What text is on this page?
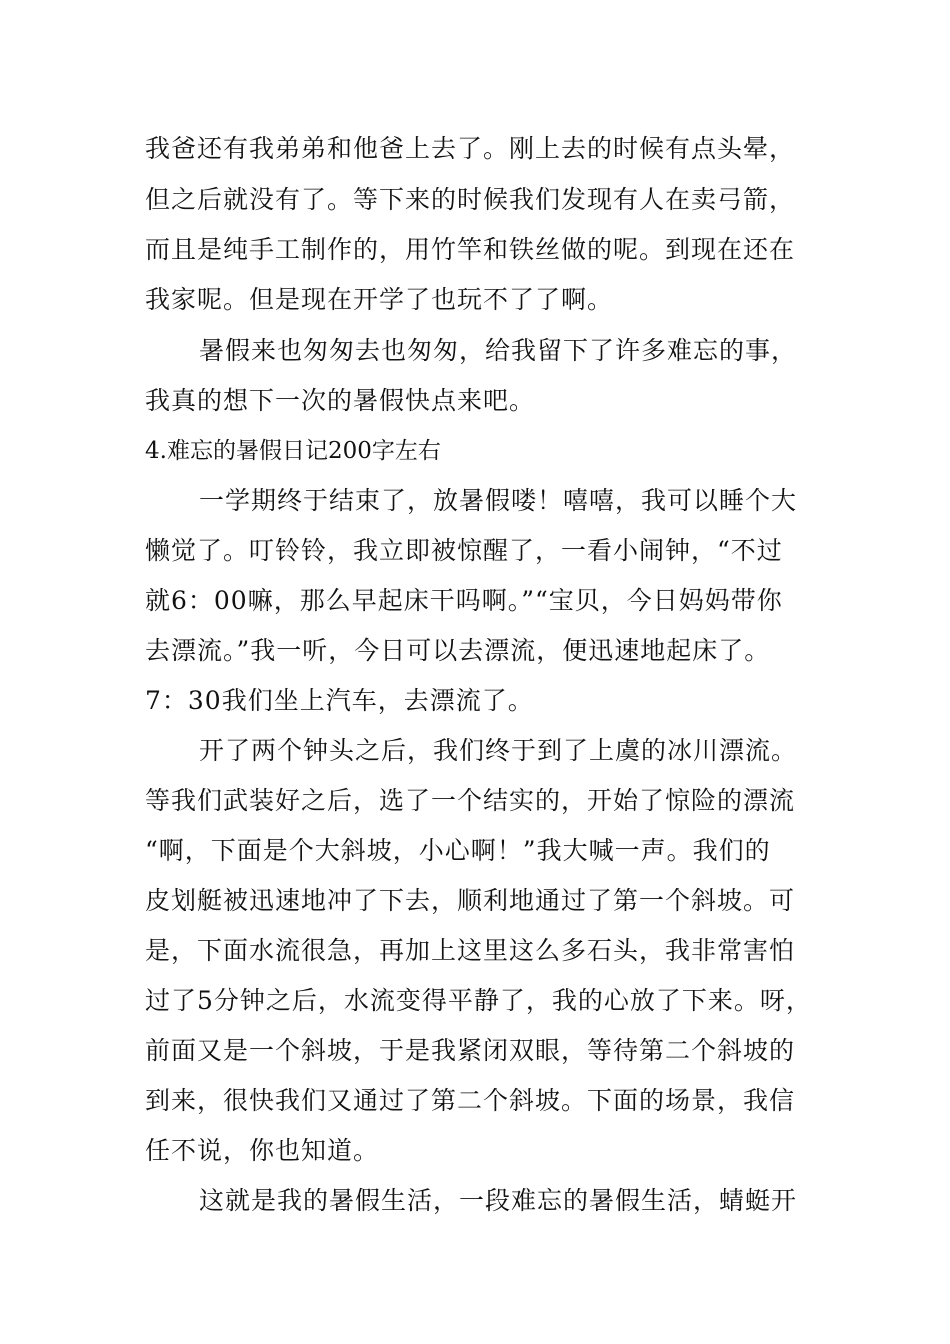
我爸还有我弟弟和他爸上去了。刚上去的时候有点头晕，
但之后就没有了。等下来的时候我们发现有人在卖弓箭，
而且是纯手工制作的，用竹竿和铁丝做的呢。到现在还在
我家呢。但是现在开学了也玩不了了啊。
暑假来也匆匆去也匆匆，给我留下了许多难忘的事，
我真的想下一次的暑假快点来吧。
4.难忘的暑假日记200字左右
一学期终于结束了，放暑假喽！嘻嘻，我可以睡个大
懒觉了。叮铃铃，我立即被惊醒了，一看小闹钟，“不过
就6：00嘛，那么早起床干吗啊。”“宝贝，今日妈妈带你
去漂流。”我一听，今日可以去漂流，便迅速地起床了。
7：30我们坐上汽车，去漂流了。
开了两个钟头之后，我们终于到了上虞的冰川漂流。
等我们武装好之后，选了一个结实的，开始了惊险的漂流
“啊，下面是个大斜坡，小心啊！”我大喊一声。我们的
皮划艇被迅速地冲了下去，顺利地通过了第一个斜坡。可
是，下面水流很急，再加上这里这么多石头，我非常害怕
过了5分钟之后，水流变得平静了，我的心放了下来。呀，
前面又是一个斜坡，于是我紧闭双眼，等待第二个斜坡的
到来，很快我们又通过了第二个斜坡。下面的场景，我信
任不说，你也知道。
这就是我的暑假生活，一段难忘的暑假生活，蜻蜓开
